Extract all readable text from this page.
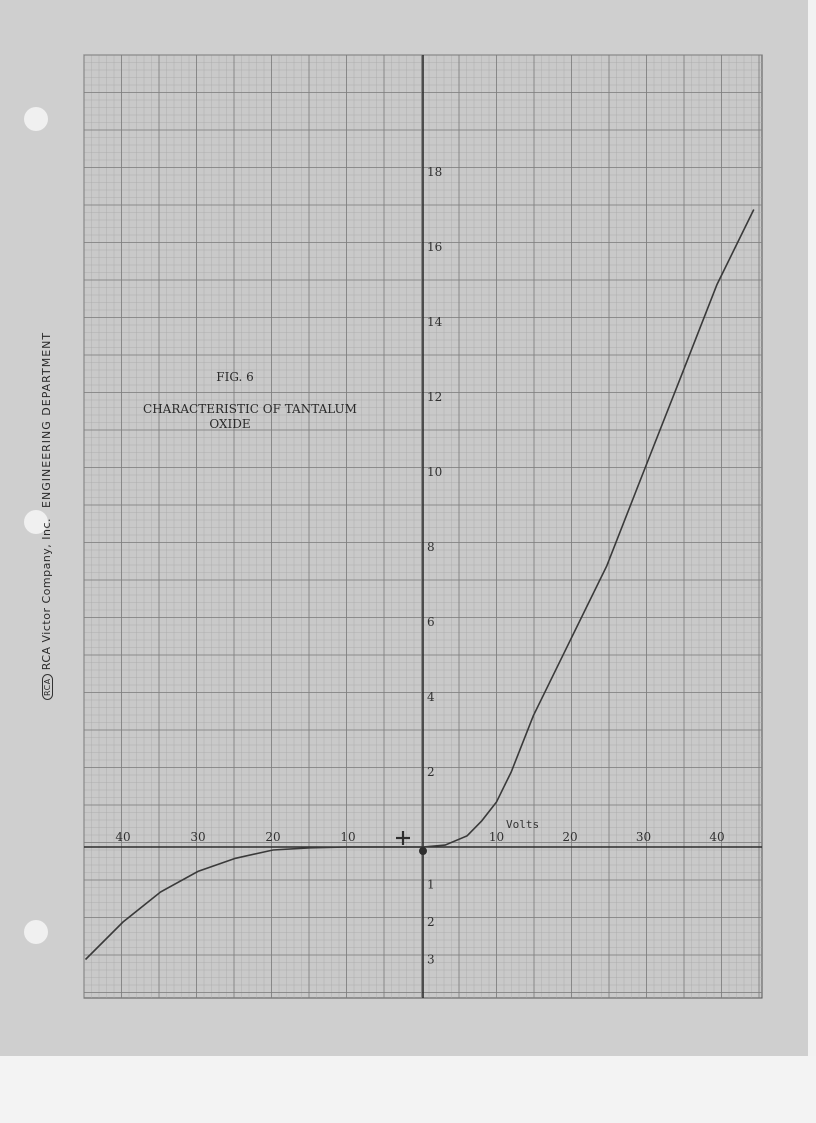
RCARCA Victor Company, Inc.ENGINEERING DEPARTMENT
40	30	20	10	10	20	30	40
2
4
6
8
10
12
14
16
18
1
2
3
FIG. 6
CHARACTERISTIC OF TANTALUM
OXIDE
Volts
